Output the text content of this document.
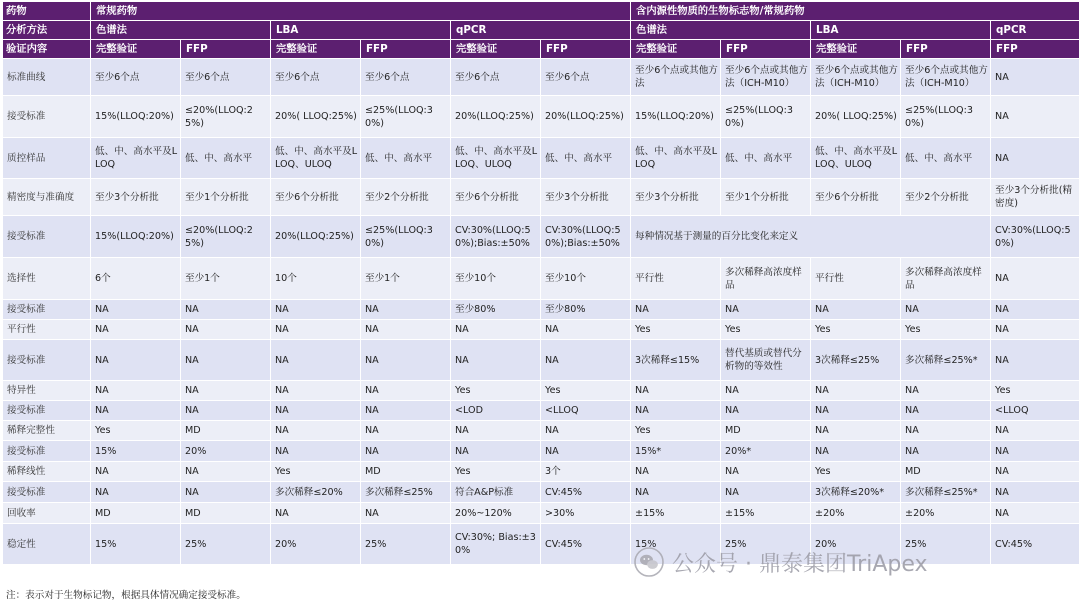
药物	常规药物						含内源性物质的生物标志物/常规药物				
分析方法	色谱法		LBA		qPCR		色谱法		LBA		qPCR
验证内容	完整验证	FFP	完整验证	FFP	完整验证	FFP	完整验证	FFP	完整验证	FFP	FFP
标准曲线	至少6个点	至少6个点	至少6个点	至少6个点	至少6个点	至少6个点	至少6个点或其他方法	至少6个点或其他方法（ICH-M10）	至少6个点或其他方法（ICH-M10）	至少6个点或其他方法（ICH-M10）	NA
接受标准	15%(LLOQ:20%)	≤20%(LLOQ:25%)	20%( LLOQ:25%)	≤25%(LLOQ:30%)	20%(LLOQ:25%)	20%(LLOQ:25%)	15%(LLOQ:20%)	≤25%(LLOQ:30%)	20%( LLOQ:25%)	≤25%(LLOQ:30%)	NA
质控样品	低、中、高水平及LLOQ	低、中、高水平	低、中、高水平及LLOQ、ULOQ	低、中、高水平	低、中、高水平及LLOQ、ULOQ	低、中、高水平	低、中、高水平及LLOQ	低、中、高水平	低、中、高水平及LLOQ、ULOQ	低、中、高水平	NA
精密度与准确度	至少3个分析批	至少1个分析批	至少6个分析批	至少2个分析批	至少6个分析批	至少3个分析批	至少3个分析批	至少1个分析批	至少6个分析批	至少2个分析批	至少3个分析批(精密度)
接受标准	15%(LLOQ:20%)	≤20%(LLOQ:25%)	20%(LLOQ:25%)	≤25%(LLOQ:30%)	CV:30%(LLOQ:50%);Bias:±50%	CV:30%(LLOQ:50%);Bias:±50%	每种情况基于测量的百分比变化来定义				CV:30%(LLOQ:50%)
选择性	6个	至少1个	10个	至少1个	至少10个	至少10个	平行性	多次稀释高浓度样品	平行性	多次稀释高浓度样品	NA
接受标准	NA	NA	NA	NA	至少80%	至少80%	NA	NA	NA	NA	NA
平行性	NA	NA	NA	NA	NA	NA	Yes	Yes	Yes	Yes	NA
接受标准	NA	NA	NA	NA	NA	NA	3次稀释≤15%	替代基质或替代分析物的等效性	3次稀释≤25%	多次稀释≤25%*	NA
特异性	NA	NA	NA	NA	Yes	Yes	NA	NA	NA	NA	Yes
接受标准	NA	NA	NA	NA	<LOD	<LLOQ	NA	NA	NA	NA	<LLOQ
稀释完整性	Yes	MD	NA	NA	NA	NA	Yes	MD	NA	NA	NA
接受标准	15%	20%	NA	NA	NA	NA	15%*	20%*	NA	NA	NA
稀释线性	NA	NA	Yes	MD	Yes	3个	NA	NA	Yes	MD	NA
接受标准	NA	NA	多次稀释≤20%	多次稀释≤25%	符合A&P标准	CV:45%	NA	NA	3次稀释≤20%*	多次稀释≤25%*	NA
回收率	MD	MD	NA	NA	20%~120%	>30%	±15%	±15%	±20%	±20%	NA
稳定性	15%	25%	20%	25%	CV:30%; Bias:±30%	CV:45%	15%	25%	20%	25%	CV:45%
注：表示对于生物标记物，根据具体情况确定接受标准。
公众号 · 鼎泰集团TriApex
